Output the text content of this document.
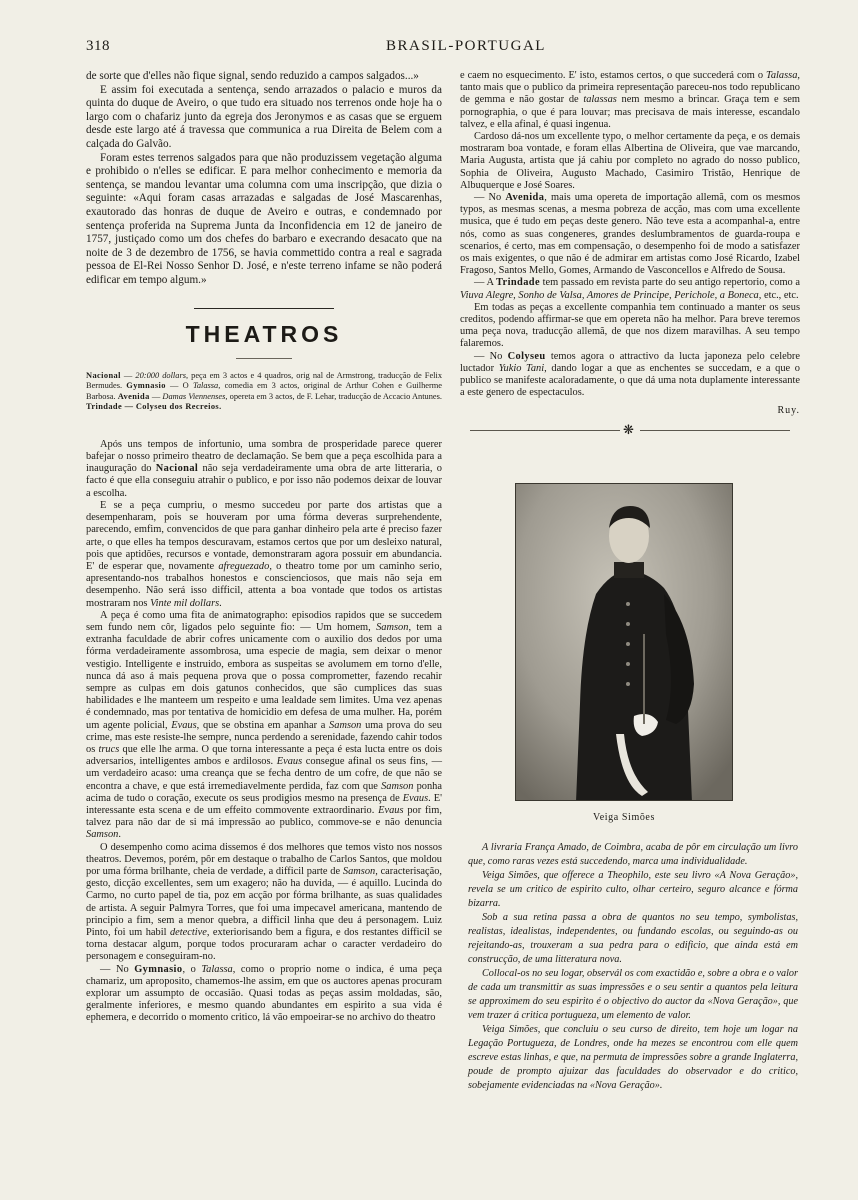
318	BRASIL-PORTUGAL

de sorte que d'elles não fique signal, sendo reduzido a campos salgados...»

E assim foi executada a sentença, sendo arrazados o palacio e muros da quinta do duque de Aveiro, o que tudo era situado nos terrenos onde hoje ha o largo com o chafariz junto da egreja dos Jeronymos e as casas que se erguem desde este largo até á travessa que communica a rua Direita de Belem com a calçada do Galvão.

Foram estes terrenos salgados para que não produzissem vegetação alguma e prohibido o n'elles se edificar. E para melhor conhecimento e memoria da sentença, se mandou levantar uma columna com uma inscripção, que dizia o seguinte: «Aqui foram casas arrazadas e salgadas de José Mascarenhas, exautorado das honras de duque de Aveiro e outras, e condemnado por sentença proferida na Suprema Junta da Inconfidencia em 12 de janeiro de 1757, justiçado como um dos chefes do barbaro e execrando desacato que na noite de 3 de dezembro de 1756, se havia commettido contra a real e sagrada pessoa de El-Rei Nosso Senhor D. José, e n'este terreno infame se não poderá edificar em tempo algum.»

THEATROS

Nacional — 20:000 dollars, peça em 3 actos e 4 quadros, orig nal de Armstrong, traducção de Felix Bermudes. Gymnasio — O Talassa, comedia em 3 actos, original de Arthur Cohen e Guilherme Barbosa. Avenida — Damas Viennenses, opereta em 3 actos, de F. Lehar, traducção de Accacio Antunes. Trindade — Colyseu dos Recreios.

Após uns tempos de infortunio, uma sombra de prosperidade parece querer bafejar o nosso primeiro theatro de declamação. Se bem que a peça escolhida para a inauguração do Nacional não seja verdadeiramente uma obra de arte litteraria, o facto é que ella conseguiu atrahir o publico, e por isso não podemos deixar de louvar a escolha.

E se a peça cumpriu, o mesmo succedeu por parte dos artistas que a desempenharam, pois se houveram por uma fórma deveras surprehendente, parecendo, emfim, convencidos de que para ganhar dinheiro pela arte é preciso fazer arte, o que elles ha tempos descuravam, estamos certos que por um desleixo natural, pois que aptidões, recursos e vontade, demonstraram agora possuir em abundancia. E' de esperar que, novamente afreguezado, o theatro tome por um caminho serio, apresentando-nos trabalhos honestos e conscienciosos, que mais não seja em desempenho. Não será isso difficil, attenta a boa vontade que todos os artistas mostraram nos Vinte mil dollars.

A peça é como uma fita de animatographo: episodios rapidos que se succedem sem fundo nem côr, ligados pelo seguinte fio: — Um homem, Samson, tem a extranha faculdade de abrir cofres unicamente com o auxilio dos dedos por uma fórma verdadeiramente assombrosa, uma especie de magia, sem deixar o menor vestigio. Intelligente e instruido, embora as suspeitas se avolumem em torno d'elle, nunca dá aso á mais pequena prova que o possa comprometter, fazendo recahir sempre as culpas em dois gatunos conhecidos, que são cumplices das suas habilidades e lhe manteem um respeito e uma lealdade sem limites. Uma vez apenas é condemnado, mas por tentativa de homicidio em defesa de uma mulher. Ha, porém um agente policial, Evaus, que se obstina em apanhar a Samson uma prova do seu crime, mas este resiste-lhe sempre, nunca perdendo a serenidade, fazendo cahir todos os trucs que elle lhe arma. O que torna interessante a peça é esta lucta entre os dois adversarios, intelligentes ambos e ardilosos. Evaus consegue afinal os seus fins, — um verdadeiro acaso: uma creança que se fecha dentro de um cofre, de que não se encontra a chave, e que está irremediavelmente perdida, faz com que Samson ponha acima de tudo o coração, execute os seus prodigios mesmo na presença de Evaus. E' interessante esta scena e de um effeito commovente extraordinario. Evaus por fim, talvez para não dar de si má impressão ao publico, commove-se e não denuncia Samson.

O desempenho como acima dissemos é dos melhores que temos visto nos nossos theatros. Devemos, porém, pôr em destaque o trabalho de Carlos Santos, que moldou por uma fórma brilhante, cheia de verdade, a difficil parte de Samson, caracterisação, gesto, dicção excellentes, sem um exagero; não ha duvida, — é aquillo. Lucinda do Carmo, no curto papel de tia, poz em acção por fórma brilhante, as suas qualidades de artista. A seguir Palmyra Torres, que foi uma impecavel americana, mantendo de principio a fim, sem a menor quebra, a difficil linha que deu á personagem. Luiz Pinto, foi um habil detective, exteriorisando bem a figura, e dos restantes difficil se torna destacar algum, porque todos procuraram achar o caracter verdadeiro do personagem e conseguiram-no.

— No Gymnasio, o Talassa, como o proprio nome o indica, é uma peça chamariz, um aproposito, chamemos-lhe assim, em que os auctores apenas procuram explorar um assumpto de occasião. Quasi todas as peças assim moldadas, são, geralmente inferiores, e mesmo quando abundantes em espirito a sua vida é ephemera, e decorrido o momento critico, lá vão empoeirar-se no archivo do theatro

e caem no esquecimento. E' isto, estamos certos, o que succederá com o Talassa, tanto mais que o publico da primeira representação pareceu-nos todo republicano de gemma e não gostar de talassas nem mesmo a brincar. Graça tem e sem pornographia, o que é para louvar; mas precisava de mais interesse, escandalo talvez, e ella afinal, é quasi ingenua.

Cardoso dá-nos um excellente typo, o melhor certamente da peça, e os demais mostraram boa vontade, e foram ellas Albertina de Oliveira, que vae marcando, Maria Augusta, artista que já cahiu por completo no agrado do nosso publico, Sophia de Oliveira, Augusto Machado, Casimiro Tristão, Henrique de Albuquerque e José Soares.

— No Avenida, mais uma opereta de importação allemã, com os mesmos typos, as mesmas scenas, a mesma pobreza de acção, mas com uma excellente musica, que é tudo em peças deste genero. Não teve esta a acompanhal-a, entre nós, como as suas congeneres, grandes deslumbramentos de guarda-roupa e scenarios, é certo, mas em compensação, o desempenho foi de modo a satisfazer os mais exigentes, o que não é de admirar em artistas como José Ricardo, Izabel Fragoso, Santos Mello, Gomes, Armando de Vasconcellos e Alfredo de Sousa.

— A Trindade tem passado em revista parte do seu antigo repertorio, como a Viuva Alegre, Sonho de Valsa, Amores de Principe, Perichole, a Boneca, etc., etc.

Em todas as peças a excellente companhia tem continuado a manter os seus creditos, podendo affirmar-se que em opereta não ha melhor. Para breve teremos uma peça nova, traducção allemã, de que nos dizem maravilhas. A seu tempo falaremos.

— No Colyseu temos agora o attractivo da lucta japoneza pelo celebre luctador Yukio Tani, dando logar a que as enchentes se succedam, e a que o publico se manifeste acaloradamente, o que dá uma nota duplamente interessante a este genero de espectaculos.

Ruy.
❋
Veiga Simões

A livraria França Amado, de Coimbra, acaba de pôr em circulação um livro que, como raras vezes está succedendo, marca uma individualidade.

Veiga Simões, que offerece a Theophilo, este seu livro «A Nova Geração», revela se um critico de espirito culto, olhar certeiro, seguro alcance e fórma bizarra.

Sob a sua retina passa a obra de quantos no seu tempo, symbolistas, realistas, idealistas, independentes, ou fundando escolas, ou seguindo-as ou rejeitando-as, trouxeram a sua pedra para o edificio, que ainda está em construcção, de uma litteratura nova.

Collocal-os no seu logar, observál os com exactidão e, sobre a obra e o valor de cada um transmittir as suas impressões e o seu sentir a quantos pela leitura se approximem do seu espirito é o objectivo do auctor da «Nova Geração», que vem trazer á critica portugueza, um elemento de valor.

Veiga Simões, que concluiu o seu curso de direito, tem hoje um logar na Legação Portugueza, de Londres, onde ha mezes se encontrou com elle quem escreve estas linhas, e que, na permuta de impressões sobre a grande Inglaterra, poude de prompto ajuizar das faculdades do observador e do critico, sobejamente evidenciadas na «Nova Geração».
